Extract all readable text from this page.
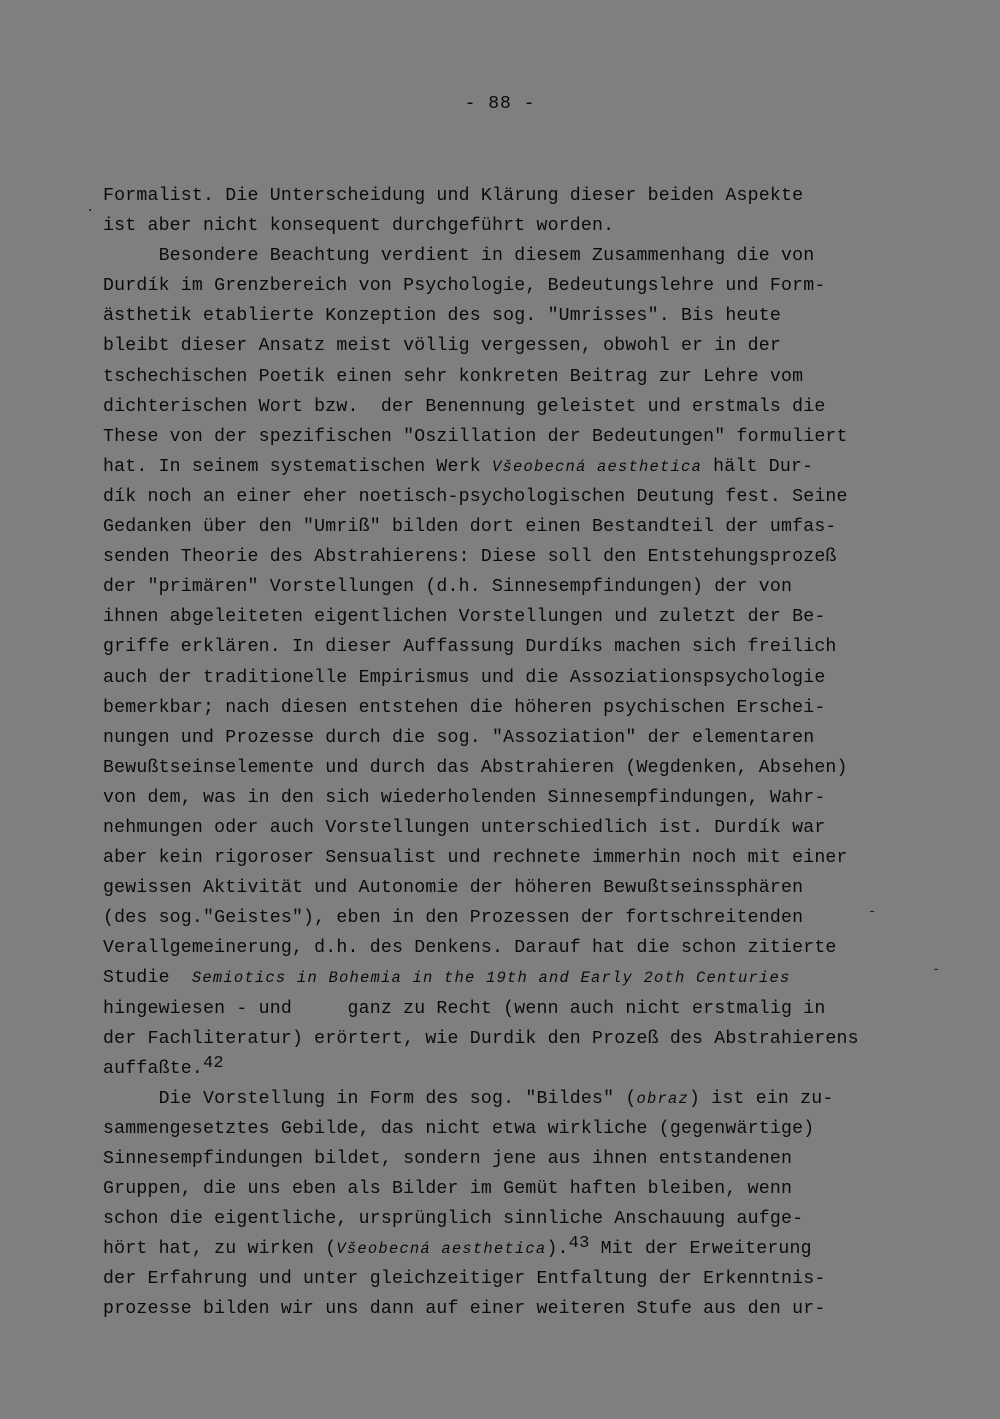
- 88 -
Formalist. Die Unterscheidung und Klärung dieser beiden Aspekte
ist aber nicht konsequent durchgeführt worden.
Besondere Beachtung verdient in diesem Zusammenhang die von
Durdík im Grenzbereich von Psychologie, Bedeutungslehre und Form-
ästhetik etablierte Konzeption des sog. "Umrisses". Bis heute
bleibt dieser Ansatz meist völlig vergessen, obwohl er in der
tschechischen Poetik einen sehr konkreten Beitrag zur Lehre vom
dichterischen Wort bzw.  der Benennung geleistet und erstmals die
These von der spezifischen "Oszillation der Bedeutungen" formuliert
hat. In seinem systematischen Werk Všeobecná aesthetica hält Dur-
dík noch an einer eher noetisch-psychologischen Deutung fest. Seine
Gedanken über den "Umriß" bilden dort einen Bestandteil der umfas-
senden Theorie des Abstrahierens: Diese soll den Entstehungsprozeß
der "primären" Vorstellungen (d.h. Sinnesempfindungen) der von
ihnen abgeleiteten eigentlichen Vorstellungen und zuletzt der Be-
griffe erklären. In dieser Auffassung Durdíks machen sich freilich
auch der traditionelle Empirismus und die Assoziationspsychologie
bemerkbar; nach diesen entstehen die höheren psychischen Erschei-
nungen und Prozesse durch die sog. "Assoziation" der elementaren
Bewußtseinselemente und durch das Abstrahieren (Wegdenken, Absehen)
von dem, was in den sich wiederholenden Sinnesempfindungen, Wahr-
nehmungen oder auch Vorstellungen unterschiedlich ist. Durdík war
aber kein rigoroser Sensualist und rechnete immerhin noch mit einer
gewissen Aktivität und Autonomie der höheren Bewußtseinssphären
(des sog."Geistes"), eben in den Prozessen der fortschreitenden
Verallgemeinerung, d.h. des Denkens. Darauf hat die schon zitierte
Studie  Semiotics in Bohemia in the 19th and Early 2oth Centuries
hingewiesen - und     ganz zu Recht (wenn auch nicht erstmalig in
der Fachliteratur) erörtert, wie Durdik den Prozeß des Abstrahierens
auffaßte.$^{42}$
Die Vorstellung in Form des sog. "Bildes" (obraz) ist ein zu-
sammengesetztes Gebilde, das nicht etwa wirkliche (gegenwärtige)
Sinnesempfindungen bildet, sondern jene aus ihnen entstandenen
Gruppen, die uns eben als Bilder im Gemüt haften bleiben, wenn
schon die eigentliche, ursprünglich sinnliche Anschauung aufge-
hört hat, zu wirken (Všeobecná aesthetica).$^{43}$ Mit der Erweiterung
der Erfahrung und unter gleichzeitiger Entfaltung der Erkenntnis-
prozesse bilden wir uns dann auf einer weiteren Stufe aus den ur-
.
-
-
